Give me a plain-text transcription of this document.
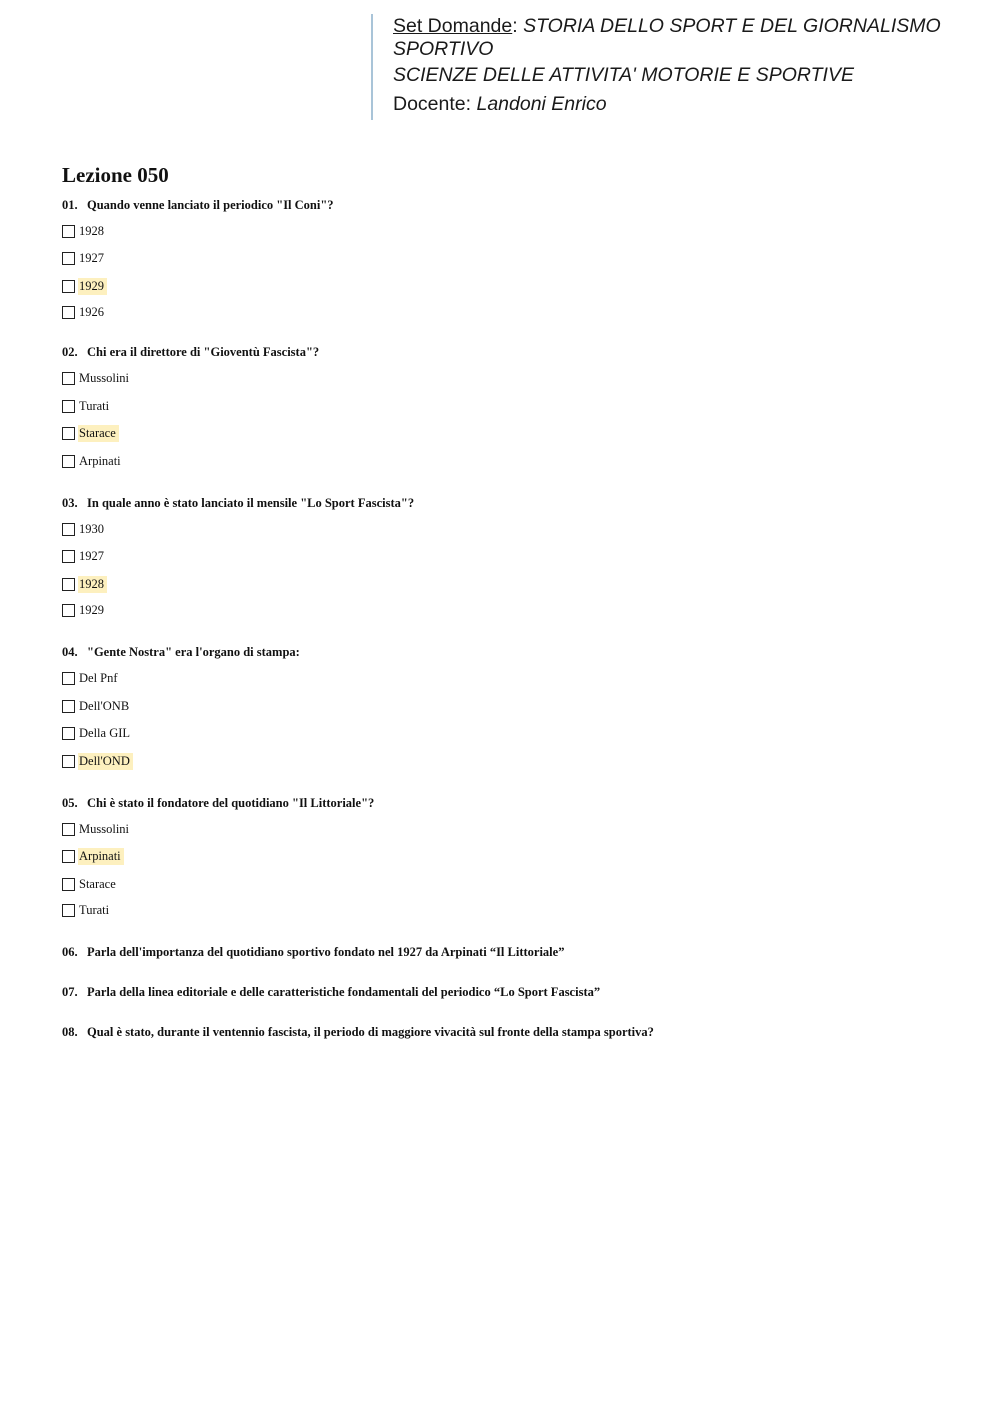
Set Domande: STORIA DELLO SPORT E DEL GIORNALISMO SPORTIVO
SCIENZE DELLE ATTIVITA' MOTORIE E SPORTIVE
Docente: Landoni Enrico
Lezione 050
01. Quando venne lanciato il periodico "Il Coni"?
1928
1927
1929
1926
02. Chi era il direttore di "Gioventù Fascista"?
Mussolini
Turati
Starace
Arpinati
03. In quale anno è stato lanciato il mensile "Lo Sport Fascista"?
1930
1927
1928
1929
04. "Gente Nostra" era l'organo di stampa:
Del Pnf
Dell'ONB
Della GIL
Dell'OND
05. Chi è stato il fondatore del quotidiano "Il Littoriale"?
Mussolini
Arpinati
Starace
Turati
06. Parla dell'importanza del quotidiano sportivo fondato nel 1927 da Arpinati “Il Littoriale”
07. Parla della linea editoriale e delle caratteristiche fondamentali del periodico “Lo Sport Fascista”
08. Qual è stato, durante il ventennio fascista, il periodo di maggiore vivacità sul fronte della stampa sportiva?
